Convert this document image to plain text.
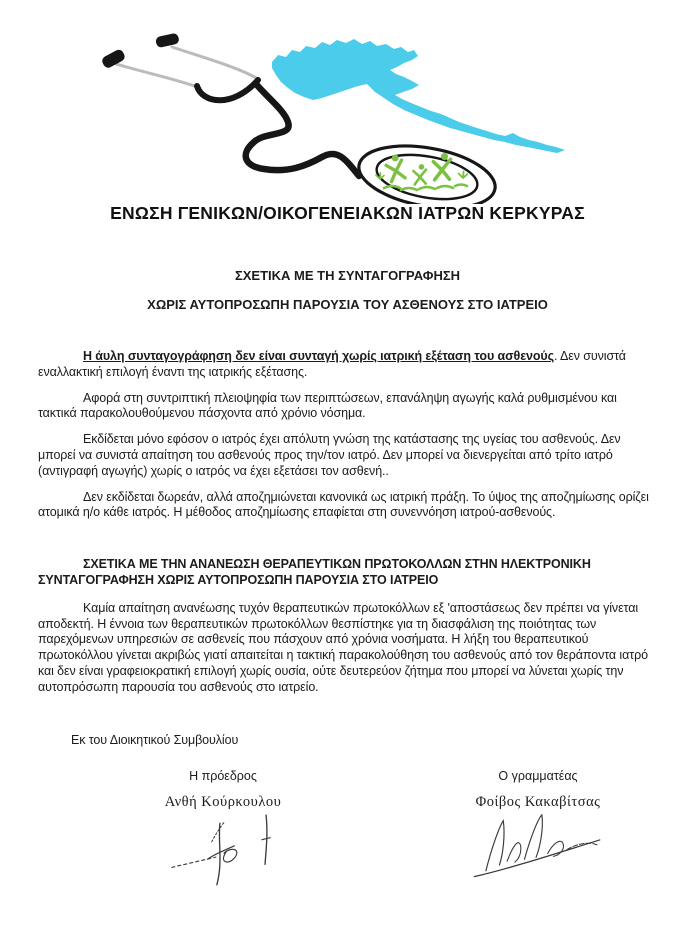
ΕΝΩΣΗ ΓΕΝΙΚΩΝ/ΟΙΚΟΓΕΝΕΙΑΚΩΝ ΙΑΤΡΩΝ ΚΕΡΚΥΡΑΣ
ΣΧΕΤΙΚΑ ΜΕ ΤΗ ΣΥΝΤΑΓΟΓΡΑΦΗΣΗ
ΧΩΡΙΣ ΑΥΤΟΠΡΟΣΩΠΗ ΠΑΡΟΥΣΙΑ ΤΟΥ ΑΣΘΕΝΟΥΣ ΣΤΟ ΙΑΤΡΕΙΟ

Η άυλη συνταγογράφηση δεν είναι συνταγή χωρίς ιατρική εξέταση του ασθενούς. Δεν συνιστά εναλλακτική επιλογή έναντι της ιατρικής εξέτασης.

Αφορά στη συντριπτική πλειοψηφία των περιπτώσεων, επανάληψη αγωγής καλά ρυθμισμένου και τακτικά παρακολουθούμενου πάσχοντα από χρόνιο νόσημα.

Εκδίδεται μόνο εφόσον ο ιατρός έχει απόλυτη γνώση της κατάστασης της υγείας του ασθενούς. Δεν μπορεί να συνιστά απαίτηση του ασθενούς προς την/τον ιατρό. Δεν μπορεί να διενεργείται από τρίτο ιατρό (αντιγραφή αγωγής) χωρίς ο ιατρός να έχει εξετάσει τον ασθενή..

Δεν εκδίδεται δωρεάν, αλλά αποζημιώνεται κανονικά ως ιατρική πράξη. Το ύψος της αποζημίωσης ορίζει ατομικά η/ο κάθε ιατρός. Η μέθοδος αποζημίωσης επαφίεται στη συνεννόηση ιατρού-ασθενούς.

ΣΧΕΤΙΚΑ ΜΕ ΤΗΝ ΑΝΑΝΕΩΣΗ ΘΕΡΑΠΕΥΤΙΚΩΝ ΠΡΩΤΟΚΟΛΛΩΝ ΣΤΗΝ ΗΛΕΚΤΡΟΝΙΚΗ ΣΥΝΤΑΓΟΓΡΑΦΗΣΗ ΧΩΡΙΣ ΑΥΤΟΠΡΟΣΩΠΗ ΠΑΡΟΥΣΙΑ ΣΤΟ ΙΑΤΡΕΙΟ

Καμία απαίτηση ανανέωσης τυχόν θεραπευτικών πρωτοκόλλων εξ 'αποστάσεως δεν πρέπει να γίνεται αποδεκτή. Η έννοια των θεραπευτικών πρωτοκόλλων θεσπίστηκε για τη διασφάλιση της ποιότητας των παρεχόμενων υπηρεσιών σε ασθενείς που πάσχουν από χρόνια νοσήματα. Η λήξη του θεραπευτικού πρωτοκόλλου γίνεται ακριβώς γιατί απαιτείται η τακτική παρακολούθηση του ασθενούς από τον θεράποντα ιατρό και δεν είναι γραφειοκρατική επιλογή χωρίς ουσία, ούτε δευτερεύον ζήτημα που μπορεί να λύνεται χωρίς την αυτοπρόσωπη παρουσία του ασθενούς στο ιατρείο.

Εκ του Διοικητικού Συμβουλίου

Η πρόεδρος
Ανθή Κούρκουλου
Ο γραμματέας
Φοίβος Κακαβίτσας
